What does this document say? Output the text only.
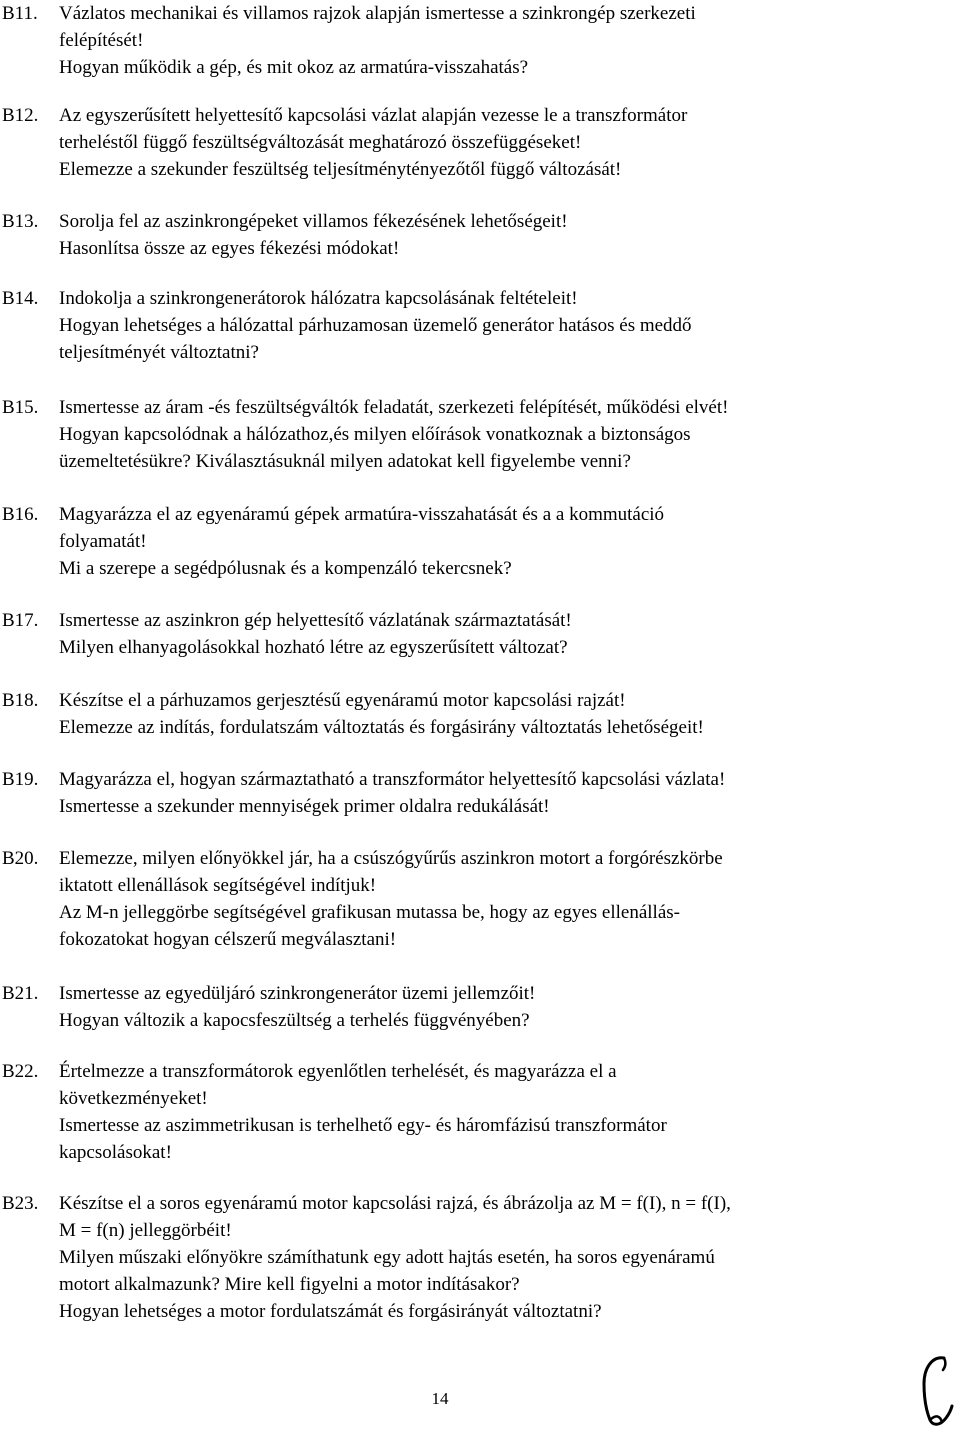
B11. Vázlatos mechanikai és villamos rajzok alapján ismertesse a szinkrongép szerkezeti

felépítését!

Hogyan működik a gép, és mit okoz az armatúra-visszahatás?

B12. Az egyszerűsített helyettesítő kapcsolási vázlat alapján vezesse le a transzformátor

terheléstől függő feszültségváltozását meghatározó összefüggéseket!

Elemezze a szekunder feszültség teljesítménytényezőtől függő változását!

B13. Sorolja fel az aszinkrongépeket villamos fékezésének lehetőségeit!

Hasonlítsa össze az egyes fékezési módokat!

B14. Indokolja a szinkrongenerátorok hálózatra kapcsolásának feltételeit!

Hogyan lehetséges a hálózattal párhuzamosan üzemelő generátor hatásos és meddő

teljesítményét változtatni?

B15. Ismertesse az áram -és feszültségváltók feladatát, szerkezeti felépítését, működési elvét!

Hogyan kapcsolódnak a hálózathoz,és milyen előírások vonatkoznak a biztonságos

üzemeltetésükre? Kiválasztásuknál milyen adatokat kell figyelembe venni?

B16. Magyarázza el az egyenáramú gépek armatúra-visszahatását és a a kommutáció

folyamatát!

Mi a szerepe a segédpólusnak és a kompenzáló tekercsnek?

B17. Ismertesse az aszinkron gép helyettesítő vázlatának származtatását!

Milyen elhanyagolásokkal hozható létre az egyszerűsített változat?

B18. Készítse el a párhuzamos gerjesztésű egyenáramú motor kapcsolási rajzát!

Elemezze az indítás, fordulatszám változtatás és forgásirány változtatás lehetőségeit!

B19. Magyarázza el, hogyan származtatható a transzformátor helyettesítő kapcsolási vázlata!

Ismertesse a szekunder mennyiségek primer oldalra redukálását!

B20. Elemezze, milyen előnyökkel jár, ha a csúszógyűrűs aszinkron motort a forgórészkörbe

iktatott ellenállások segítségével indítjuk!

Az M-n jelleggörbe segítségével grafikusan mutassa be, hogy az egyes ellenállás-

fokozatokat hogyan célszerű megválasztani!

B21. Ismertesse az egyedüljáró szinkrongenerátor üzemi jellemzőit!

Hogyan változik a kapocsfeszültség a terhelés függvényében?

B22. Értelmezze a transzformátorok egyenlőtlen terhelését, és magyarázza el a

következményeket!

Ismertesse az aszimmetrikusan is terhelhető egy- és háromfázisú transzformátor

kapcsolásokat!

B23. Készítse el a soros egyenáramú motor kapcsolási rajzá, és ábrázolja az M = f(I), n = f(I),

M = f(n) jelleggörbéit!

Milyen műszaki előnyökre számíthatunk egy adott hajtás esetén, ha soros egyenáramú

motort alkalmazunk? Mire kell figyelni a motor indításakor?

Hogyan lehetséges a motor fordulatszámát és forgásirányát változtatni?

14
